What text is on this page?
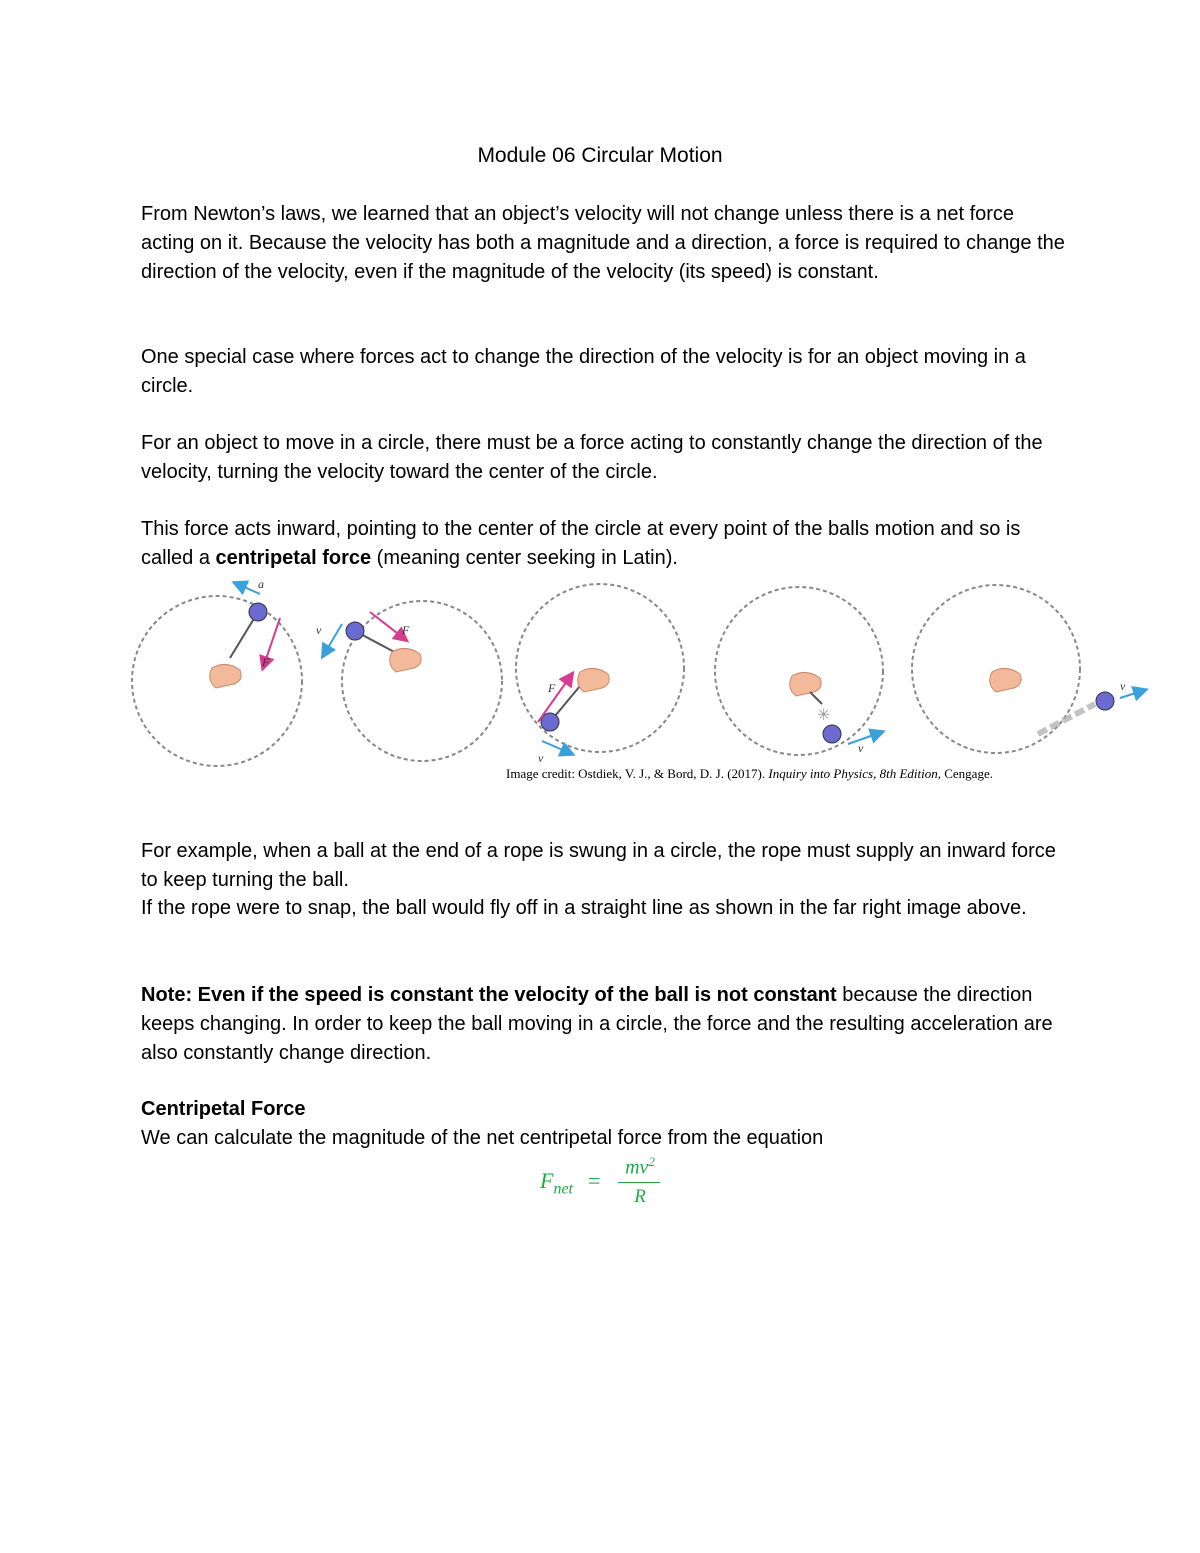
Module 06 Circular Motion

From Newton’s laws, we learned that an object’s velocity will not change unless there is a net force acting on it. Because the velocity has both a magnitude and a direction, a force is required to change the direction of the velocity, even if the magnitude of the velocity (its speed) is constant.

One special case where forces act to change the direction of the velocity is for an object moving in a circle.

For an object to move in a circle, there must be a force acting to constantly change the direction of the velocity, turning the velocity toward the center of the circle.

This force acts inward, pointing to the center of the circle at every point of the balls motion and so is called a centripetal force (meaning center seeking in Latin).

a
F
v	F
F
v
✳
v
v
Image credit: Ostdiek, V. J., & Bord, D. J. (2017). Inquiry into Physics, 8th Edition, Cengage.

For example, when a ball at the end of a rope is swung in a circle, the rope must supply an inward force to keep turning the ball.

If the rope were to snap, the ball would fly off in a straight line as shown in the far right image above.

Note: Even if the speed is constant the velocity of the ball is not constant because the direction keeps changing. In order to keep the ball moving in a circle, the force and the resulting acceleration are also constantly change direction.

Centripetal Force

We can calculate the magnitude of the net centripetal force from the equation

$F_{net}$ =
$mv^2$
R
